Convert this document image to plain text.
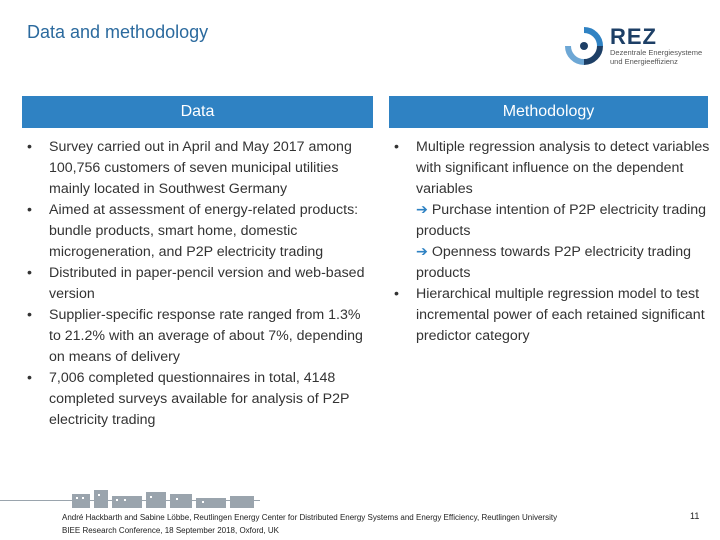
Data and methodology	REZ
Dezentrale Energiesysteme
und Energieeffizienz
Data	Methodology
•	Survey carried out in April and May 2017 among 100,756 customers of seven municipal utilities mainly located in Southwest Germany
•	Aimed at assessment of energy-related products: bundle products, smart home, domestic microgeneration, and P2P electricity trading
•	Distributed in paper-pencil version and web-based version
•	Supplier-specific response rate ranged from 1.3% to 21.2% with an average of about 7%, depending on means of delivery
•	7,006 completed questionnaires in total, 4148 completed surveys available for analysis of P2P electricity trading
•	Multiple regression analysis to detect variables with significant influence on the dependent variables
➔ Purchase intention of P2P electricity trading products
➔ Openness towards P2P electricity trading products
•	Hierarchical multiple regression model to test incremental power of each retained significant predictor category
André Hackbarth and Sabine Löbbe, Reutlingen Energy Center for Distributed Energy Systems and Energy Efficiency, Reutlingen University
BIEE Research Conference, 18 September 2018, Oxford, UK
11
